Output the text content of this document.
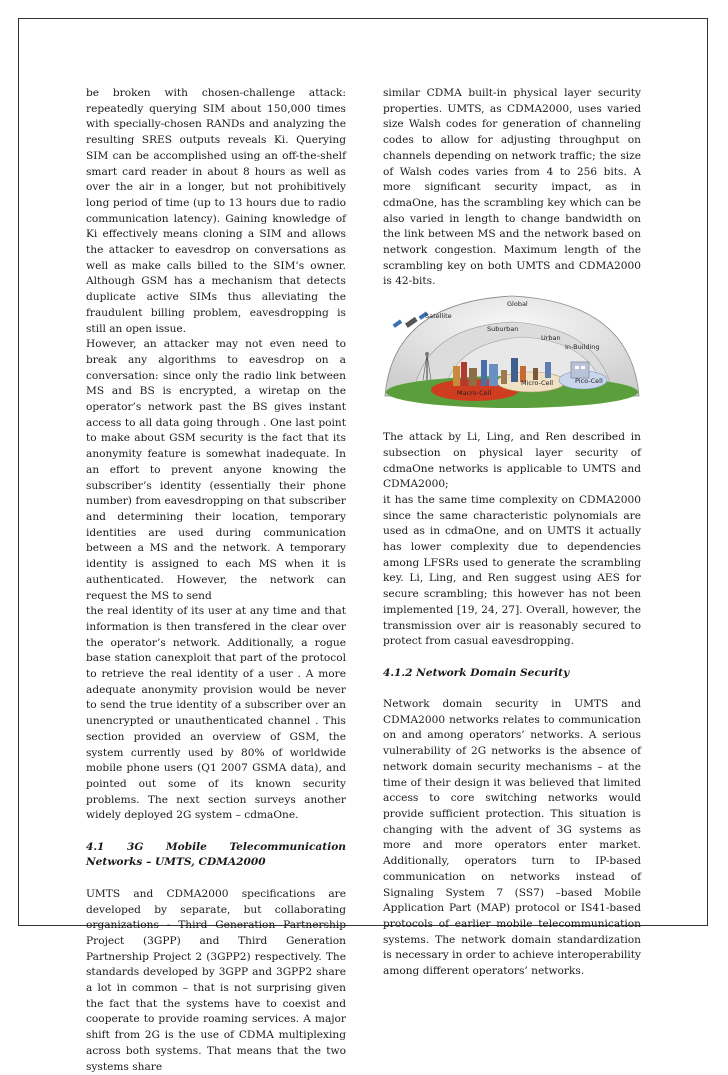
be broken with chosen-challenge attack: repeatedly querying SIM about 150,000 times with specially-chosen RANDs and analyzing the resulting SRES outputs reveals Ki. Querying SIM can be accomplished using an off-the-shelf smart card reader in about 8 hours as well as over the air in a longer, but not prohibitively long period of time (up to 13 hours due to radio communication latency). Gaining knowledge of Ki effectively means cloning a SIM and allows the attacker to eavesdrop on conversations as well as make calls billed to the SIM’s owner. Although GSM has a mechanism that detects duplicate active SIMs thus alleviating the fraudulent billing problem, eavesdropping is still an open issue.

However, an attacker may not even need to break any algorithms to eavesdrop on a conversation: since only the radio link between MS and BS is encrypted, a wiretap on the operator’s network past the BS gives instant access to all data going through . One last point to make about GSM security is the fact that its anonymity feature is somewhat inadequate. In an effort to prevent anyone knowing the subscriber’s identity (essentially their phone number) from eavesdropping on that subscriber and determining their location, temporary identities are used during communication between a MS and the network. A temporary identity is assigned to each MS when it is authenticated. However, the network can request the MS to send

the real identity of its user at any time and that information is then transfered in the clear over the operator’s network. Additionally, a rogue base station canexploit that part of the protocol to retrieve the real identity of a user . A more adequate anonymity provision would be never to send the true identity of a subscriber over an unencrypted or unauthenticated channel . This section provided an overview of GSM, the system currently used by 80% of worldwide mobile phone users (Q1 2007 GSMA data), and pointed out some of its known security problems. The next section surveys another widely deployed 2G system – cdmaOne.

4.1 3G Mobile Telecommunication Networks – UMTS, CDMA2000

UMTS and CDMA2000 specifications are developed by separate, but collaborating organizations - Third Generation Partnership Project (3GPP) and Third Generation Partnership Project 2 (3GPP2) respectively. The standards developed by 3GPP and 3GPP2 share a lot in common – that is not surprising given the fact that the systems have to coexist and cooperate to provide roaming services. A major shift from 2G is the use of CDMA multiplexing across both systems. That means that the two systems share

similar CDMA built-in physical layer security properties. UMTS, as CDMA2000, uses varied size Walsh codes for generation of channeling codes to allow for adjusting throughput on channels depending on network traffic; the size of Walsh codes varies from 4 to 256 bits. A more significant security impact, as in cdmaOne, has the scrambling key which can be also varied in length to change bandwidth on the link between MS and the network based on network congestion. Maximum length of the scrambling key on both UMTS and CDMA2000 is 42-bits.

Global
Satellite
Suburban
Urban
In-Building
Micro-Cell	Pico-Cell
Macro-Cell

The attack by Li, Ling, and Ren described in subsection on physical layer security of cdmaOne networks is applicable to UMTS and CDMA2000;

it has the same time complexity on CDMA2000 since the same characteristic polynomials are used as in cdmaOne, and on UMTS it actually has lower complexity due to dependencies among LFSRs used to generate the scrambling key. Li, Ling, and Ren suggest using AES for secure scrambling; this however has not been implemented [19, 24, 27]. Overall, however, the transmission over air is reasonably secured to protect from casual eavesdropping.

4.1.2 Network Domain Security

Network domain security in UMTS and CDMA2000 networks relates to communication on and among operators’ networks. A serious vulnerability of 2G networks is the absence of network domain security mechanisms – at the time of their design it was believed that limited access to core switching networks would provide sufficient protection. This situation is changing with the advent of 3G systems as more and more operators enter market. Additionally, operators turn to IP-based communication on networks instead of Signaling System 7 (SS7) –based Mobile Application Part (MAP) protocol or IS41-based protocols of earlier mobile telecommunication systems. The network domain standardization is necessary in order to achieve interoperability among different operators’ networks.
